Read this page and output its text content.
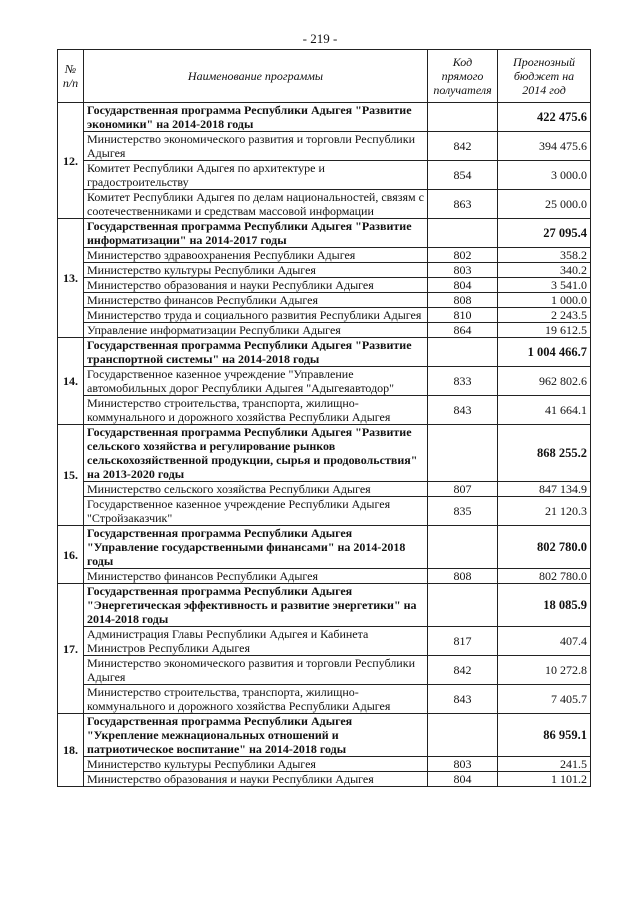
- 219 -
№ п/п	Наименование программы	Код прямого получателя	Прогнозный бюджет на 2014 год
12.	Государственная программа Республики Адыгея "Развитие экономики" на 2014-2018 годы		422 475.6
	Министерство экономического развития и торговли Республики Адыгея	842	394 475.6
	Комитет Республики Адыгея по архитектуре и градостроительству	854	3 000.0
	Комитет Республики Адыгея по делам национальностей, связям с соотечественниками и средствам массовой информации	863	25 000.0
13.	Государственная программа Республики Адыгея "Развитие информатизации" на 2014-2017 годы		27 095.4
	Министерство здравоохранения Республики Адыгея	802	358.2
	Министерство культуры Республики Адыгея	803	340.2
	Министерство образования и науки Республики Адыгея	804	3 541.0
	Министерство финансов Республики Адыгея	808	1 000.0
	Министерство труда и социального развития Республики Адыгея	810	2 243.5
	Управление информатизации Республики Адыгея	864	19 612.5
14.	Государственная программа Республики Адыгея "Развитие транспортной системы" на 2014-2018 годы		1 004 466.7
	Государственное казенное учреждение "Управление автомобильных дорог Республики Адыгея "Адыгеяавтодор"	833	962 802.6
	Министерство строительства, транспорта, жилищно-коммунального и дорожного хозяйства Республики Адыгея	843	41 664.1
15.	Государственная программа Республики Адыгея "Развитие сельского хозяйства и регулирование рынков сельскохозяйственной продукции, сырья и продовольствия" на 2013-2020 годы		868 255.2
	Министерство сельского хозяйства Республики Адыгея	807	847 134.9
	Государственное казенное учреждение Республики Адыгея "Стройзаказчик"	835	21 120.3
16.	Государственная программа Республики Адыгея "Управление государственными финансами" на 2014-2018 годы		802 780.0
	Министерство финансов Республики Адыгея	808	802 780.0
17.	Государственная программа Республики Адыгея "Энергетическая эффективность и развитие энергетики" на 2014-2018 годы		18 085.9
	Администрация Главы Республики Адыгея и Кабинета Министров Республики Адыгея	817	407.4
	Министерство экономического развития и торговли Республики Адыгея	842	10 272.8
	Министерство строительства, транспорта, жилищно-коммунального и дорожного хозяйства Республики Адыгея	843	7 405.7
18.	Государственная программа Республики Адыгея "Укрепление межнациональных отношений и патриотическое воспитание" на 2014-2018 годы		86 959.1
	Министерство культуры Республики Адыгея	803	241.5
	Министерство образования и науки Республики Адыгея	804	1 101.2
